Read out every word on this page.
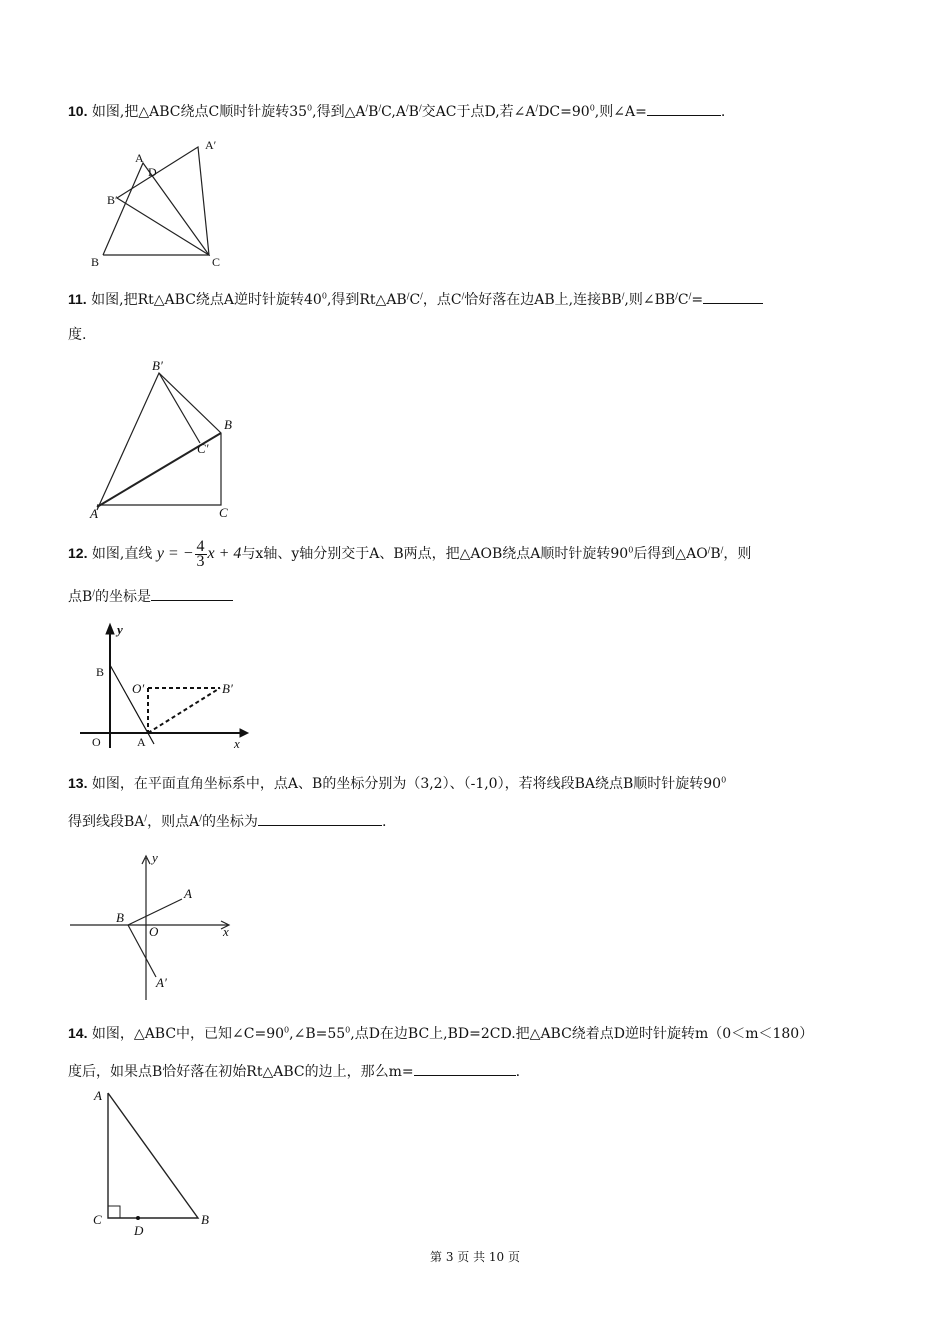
10. 如图,把△ABC绕点C顺时针旋转$35^0$,得到△A/B/C,A/B/交AC于点D,若$\angle A^/DC=90^0$,则∠A=	.
A
A′
D
B′
B	C
11. 如图,把Rt△ABC绕点A逆时针旋转$40^0$,得到Rt△AB/C/，点C/恰好落在边AB上,连接BB/,则∠BB/C/=
度.
B′
B
C′
A	C
12. 如图,直线 y = − $\frac{4}{3}$ x + 4与x轴、y轴分别交于A、B两点，把△AOB绕点A顺时针旋转$90^0$后得到△AO/B/，则
点B/的坐标是
y
x
B
O′	B′
O	A
13. 如图，在平面直角坐标系中，点A、B的坐标分别为（3,2）、（-1,0），若将线段BA绕点B顺时针旋转$90^0$
得到线段BA/，则点A/的坐标为	.
y
x
A
B
O
A′
14. 如图，△ABC中，已知$\angle C=90^0,\angle B=55^0$,点D在边BC上,BD=2CD.把△ABC绕着点D逆时针旋转m（0＜m＜180）
度后，如果点B恰好落在初始Rt△ABC的边上，那么m=	.
A
C
D
B
第 3 页 共 10 页
